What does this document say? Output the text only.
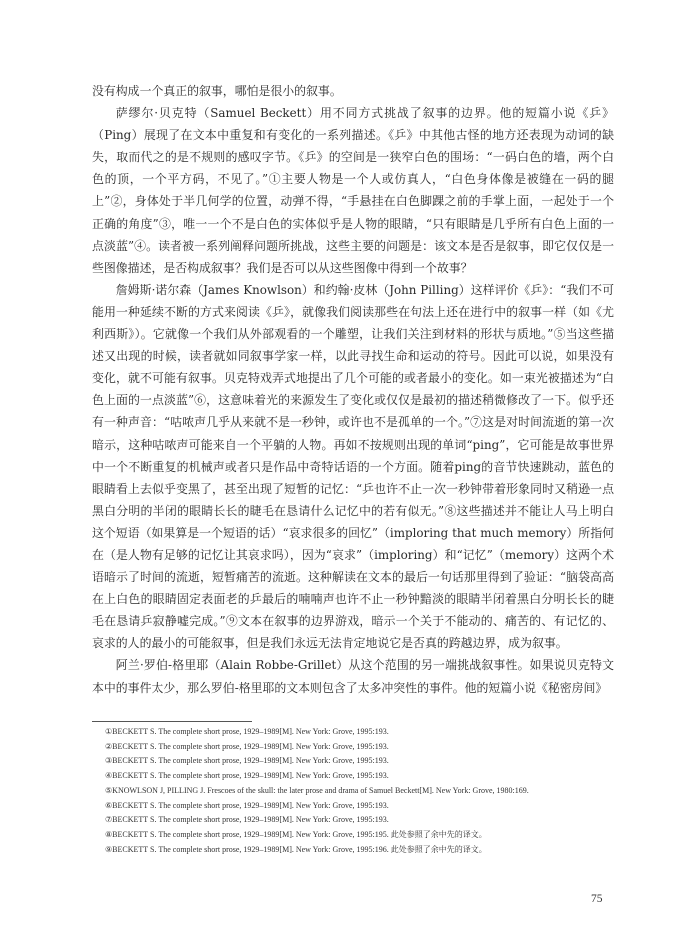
没有构成一个真正的叙事，哪怕是很小的叙事。

萨缪尔·贝克特（Samuel Beckett）用不同方式挑战了叙事的边界。他的短篇小说《乒》（Ping）展现了在文本中重复和有变化的一系列描述。《乒》中其他古怪的地方还表现为动词的缺失，取而代之的是不规则的感叹字节。《乒》的空间是一狭窄白色的围场：“一码白色的墙，两个白色的顶，一个平方码，不见了。”①主要人物是一个人或仿真人，“白色身体像是被缝在一码的腿上”②，身体处于半几何学的位置，动弹不得，“手悬挂在白色脚踝之前的手掌上面，一起处于一个正确的角度”③，唯一一个不是白色的实体似乎是人物的眼睛，“只有眼睛是几乎所有白色上面的一点淡蓝”④。读者被一系列阐释问题所挑战，这些主要的问题是：该文本是否是叙事，即它仅仅是一些图像描述，是否构成叙事？我们是否可以从这些图像中得到一个故事？

詹姆斯·诺尔森（James Knowlson）和约翰·皮林（John Pilling）这样评价《乒》：“我们不可能用一种延续不断的方式来阅读《乒》，就像我们阅读那些在句法上还在进行中的叙事一样（如《尤利西斯》）。它就像一个我们从外部观看的一个雕塑，让我们关注到材料的形状与质地。”⑤当这些描述又出现的时候，读者就如同叙事学家一样，以此寻找生命和运动的符号。因此可以说，如果没有变化，就不可能有叙事。贝克特戏弄式地提出了几个可能的或者最小的变化。如一束光被描述为“白色上面的一点淡蓝”⑥，这意味着光的来源发生了变化或仅仅是最初的描述稍微修改了一下。似乎还有一种声音：“咕哝声几乎从来就不是一秒钟，或许也不是孤单的一个。”⑦这是对时间流逝的第一次暗示，这种咕哝声可能来自一个平躺的人物。再如不按规则出现的单词“ping”，它可能是故事世界中一个不断重复的机械声或者只是作品中奇特话语的一个方面。随着ping的音节快速跳动，蓝色的眼睛看上去似乎变黑了，甚至出现了短暂的记忆：“乒也许不止一次一秒钟带着形象同时又稍逊一点黑白分明的半闭的眼睛长长的睫毛在恳请什么记忆中的若有似无。”⑧这些描述并不能让人马上明白这个短语（如果算是一个短语的话）“哀求很多的回忆”（imploring that much memory）所指何在（是人物有足够的记忆让其哀求吗），因为“哀求”（imploring）和“记忆”（memory）这两个术语暗示了时间的流逝，短暂痛苦的流逝。这种解读在文本的最后一句话那里得到了验证：“脑袋高高在上白色的眼睛固定表面老的乒最后的喃喃声也许不止一秒钟黯淡的眼睛半闭着黑白分明长长的睫毛在恳请乒寂静嘘完成。”⑨文本在叙事的边界游戏，暗示一个关于不能动的、痛苦的、有记忆的、哀求的人的最小的可能叙事，但是我们永远无法肯定地说它是否真的跨越边界，成为叙事。

阿兰·罗伯-格里耶（Alain Robbe-Grillet）从这个范围的另一端挑战叙事性。如果说贝克特文本中的事件太少，那么罗伯-格里耶的文本则包含了太多冲突性的事件。他的短篇小说《秘密房间》

①BECKETT S. The complete short prose, 1929–1989[M]. New York: Grove, 1995:193.
②BECKETT S. The complete short prose, 1929–1989[M]. New York: Grove, 1995:193.
③BECKETT S. The complete short prose, 1929–1989[M]. New York: Grove, 1995:193.
④BECKETT S. The complete short prose, 1929–1989[M]. New York: Grove, 1995:193.
⑤KNOWLSON J, PILLING J. Frescoes of the skull: the later prose and drama of Samuel Beckett[M]. New York: Grove, 1980:169.
⑥BECKETT S. The complete short prose, 1929–1989[M]. New York: Grove, 1995:193.
⑦BECKETT S. The complete short prose, 1929–1989[M]. New York: Grove, 1995:193.
⑧BECKETT S. The complete short prose, 1929–1989[M]. New York: Grove, 1995:195. 此处参照了余中先的译文。
⑨BECKETT S. The complete short prose, 1929–1989[M]. New York: Grove, 1995:196. 此处参照了余中先的译文。
75
